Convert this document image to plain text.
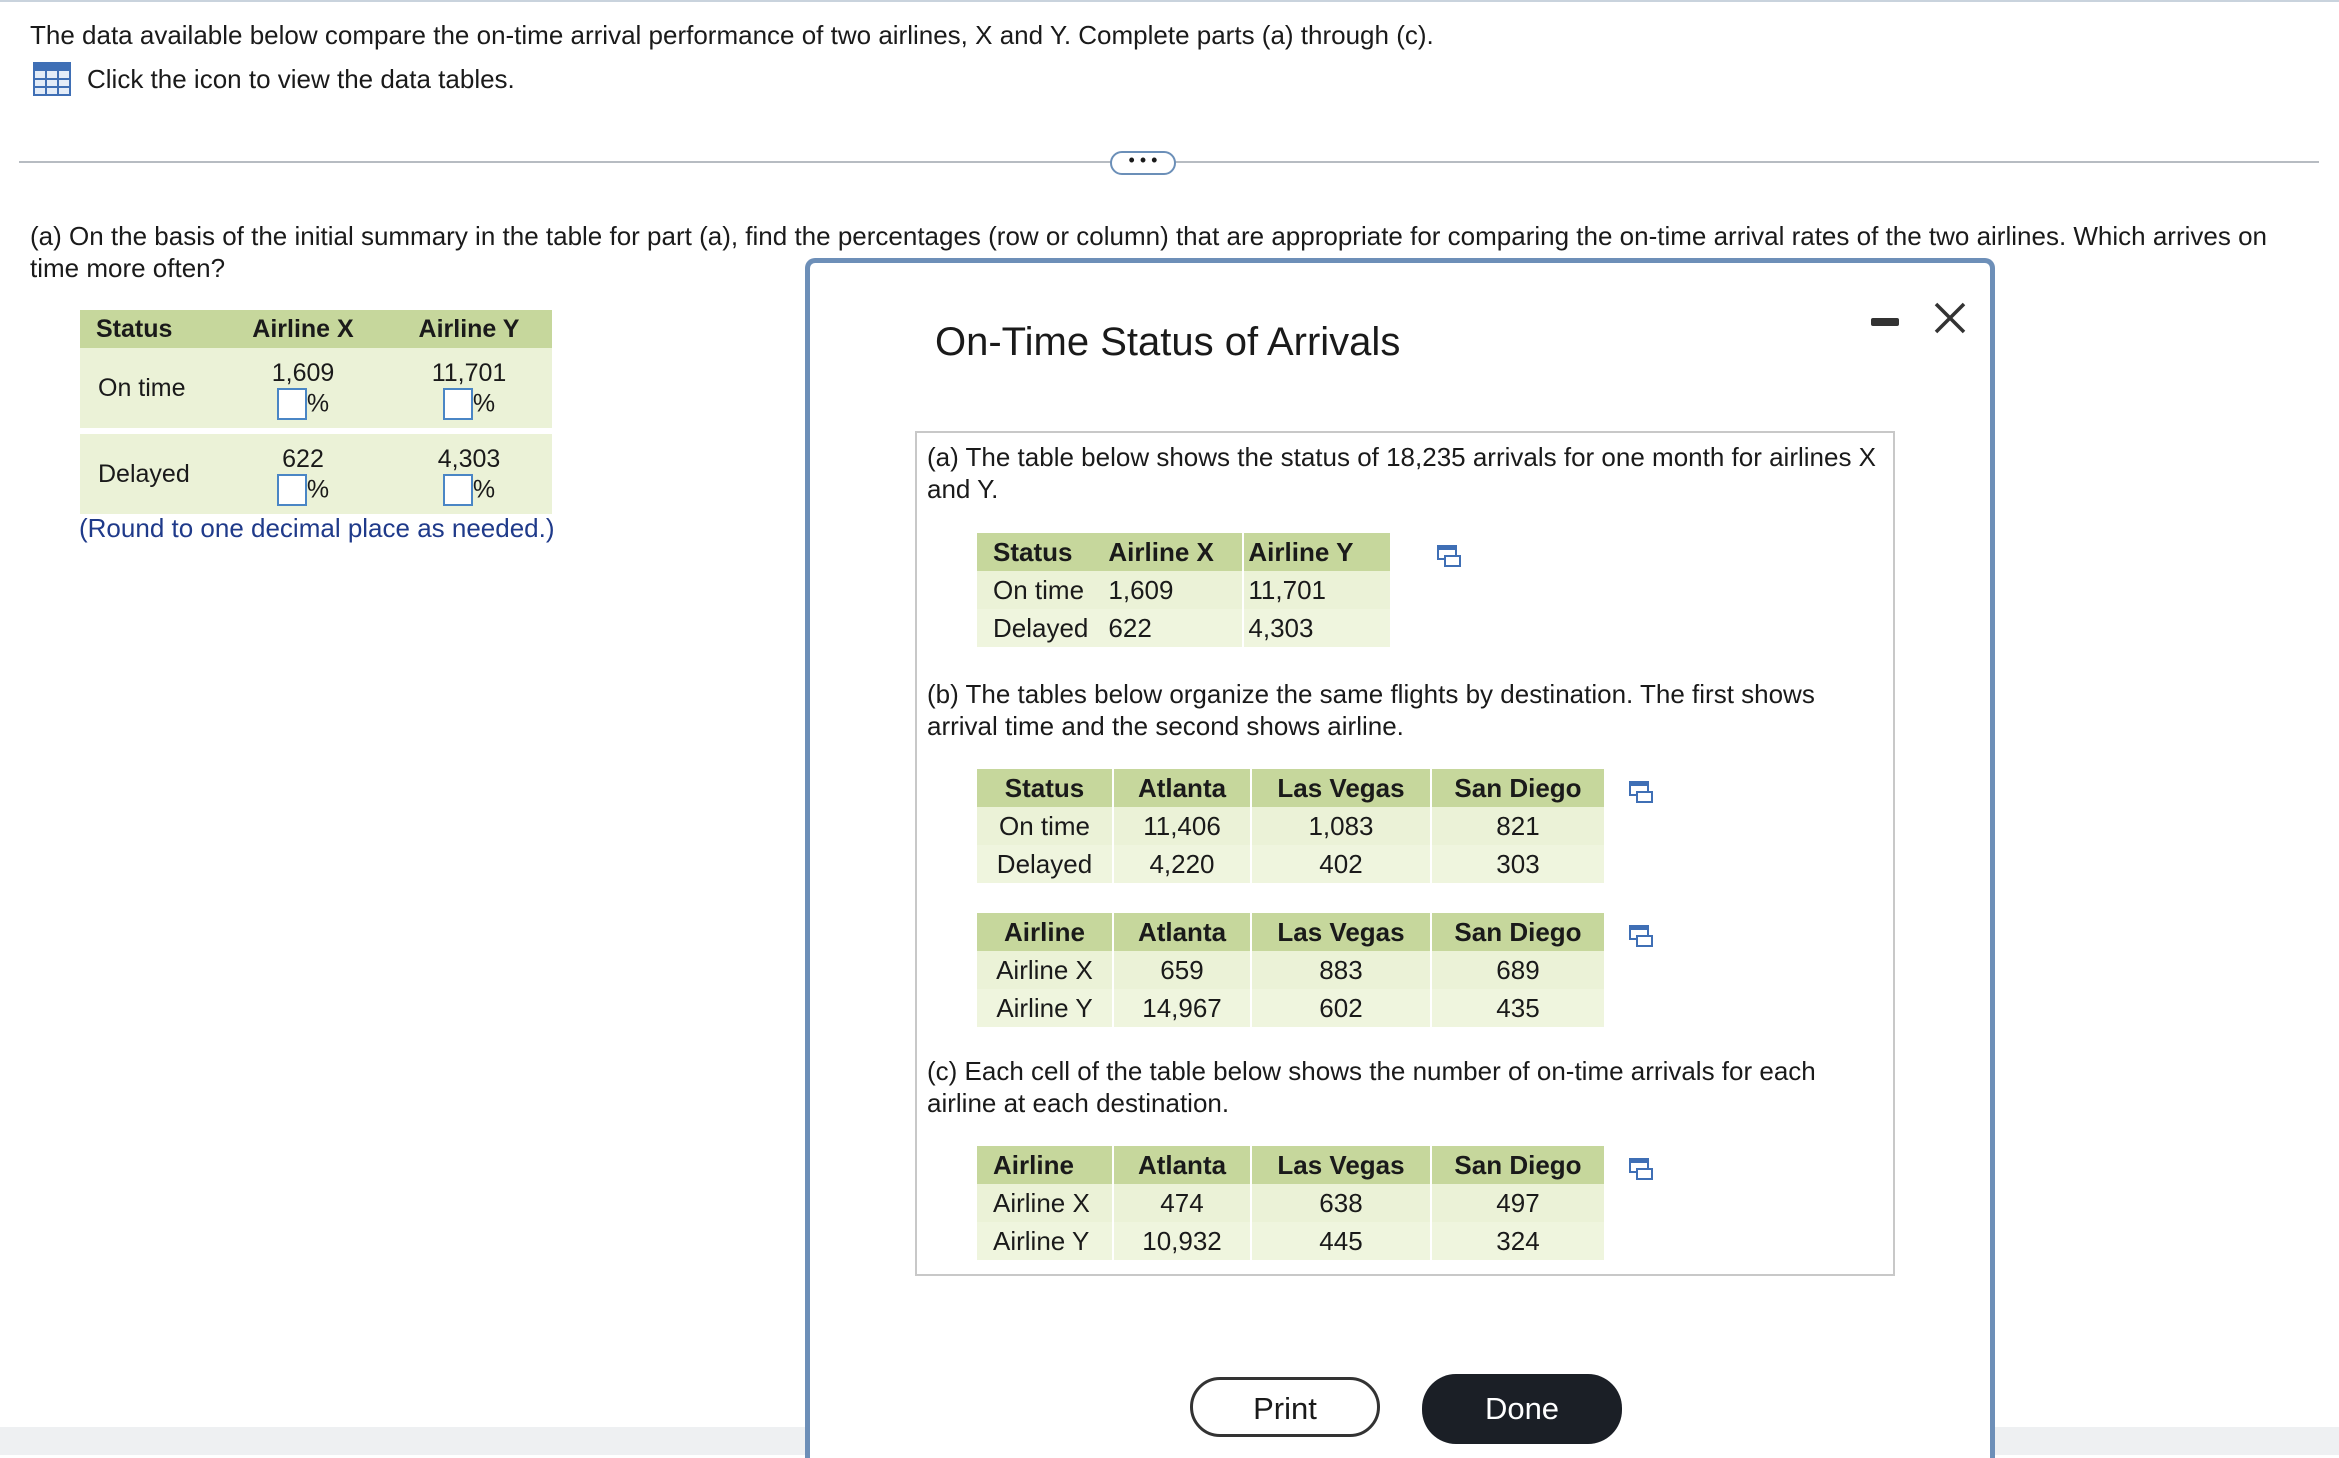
The data available below compare the on-time arrival performance of two airlines, X and Y. Complete parts (a) through (c).
Click the icon to view the data tables.
• • •
(a) On the basis of the initial summary in the table for part (a), find the percentages (row or column) that are appropriate for comparing the on-time arrival rates of the two airlines. Which arrives on time more often?
Status	Airline X	Airline Y
On time	1,609	11,701
	%	%

Delayed	622	4,303
	%	%
(Round to one decimal place as needed.)
On-Time Status of Arrivals
(a) The table below shows the status of 18,235 arrivals for one month for airlines X and Y.
Status	Airline X	Airline Y
On time	1,609	11,701
Delayed	622	4,303
(b) The tables below organize the same flights by destination. The first shows arrival time and the second shows airline.
Status	Atlanta	Las Vegas	San Diego
On time	11,406	1,083	821
Delayed	4,220	402	303
Airline	Atlanta	Las Vegas	San Diego
Airline X	659	883	689
Airline Y	14,967	602	435
(c) Each cell of the table below shows the number of on-time arrivals for each airline at each destination.
Airline	Atlanta	Las Vegas	San Diego
Airline X	474	638	497
Airline Y	10,932	445	324
Print	Done
